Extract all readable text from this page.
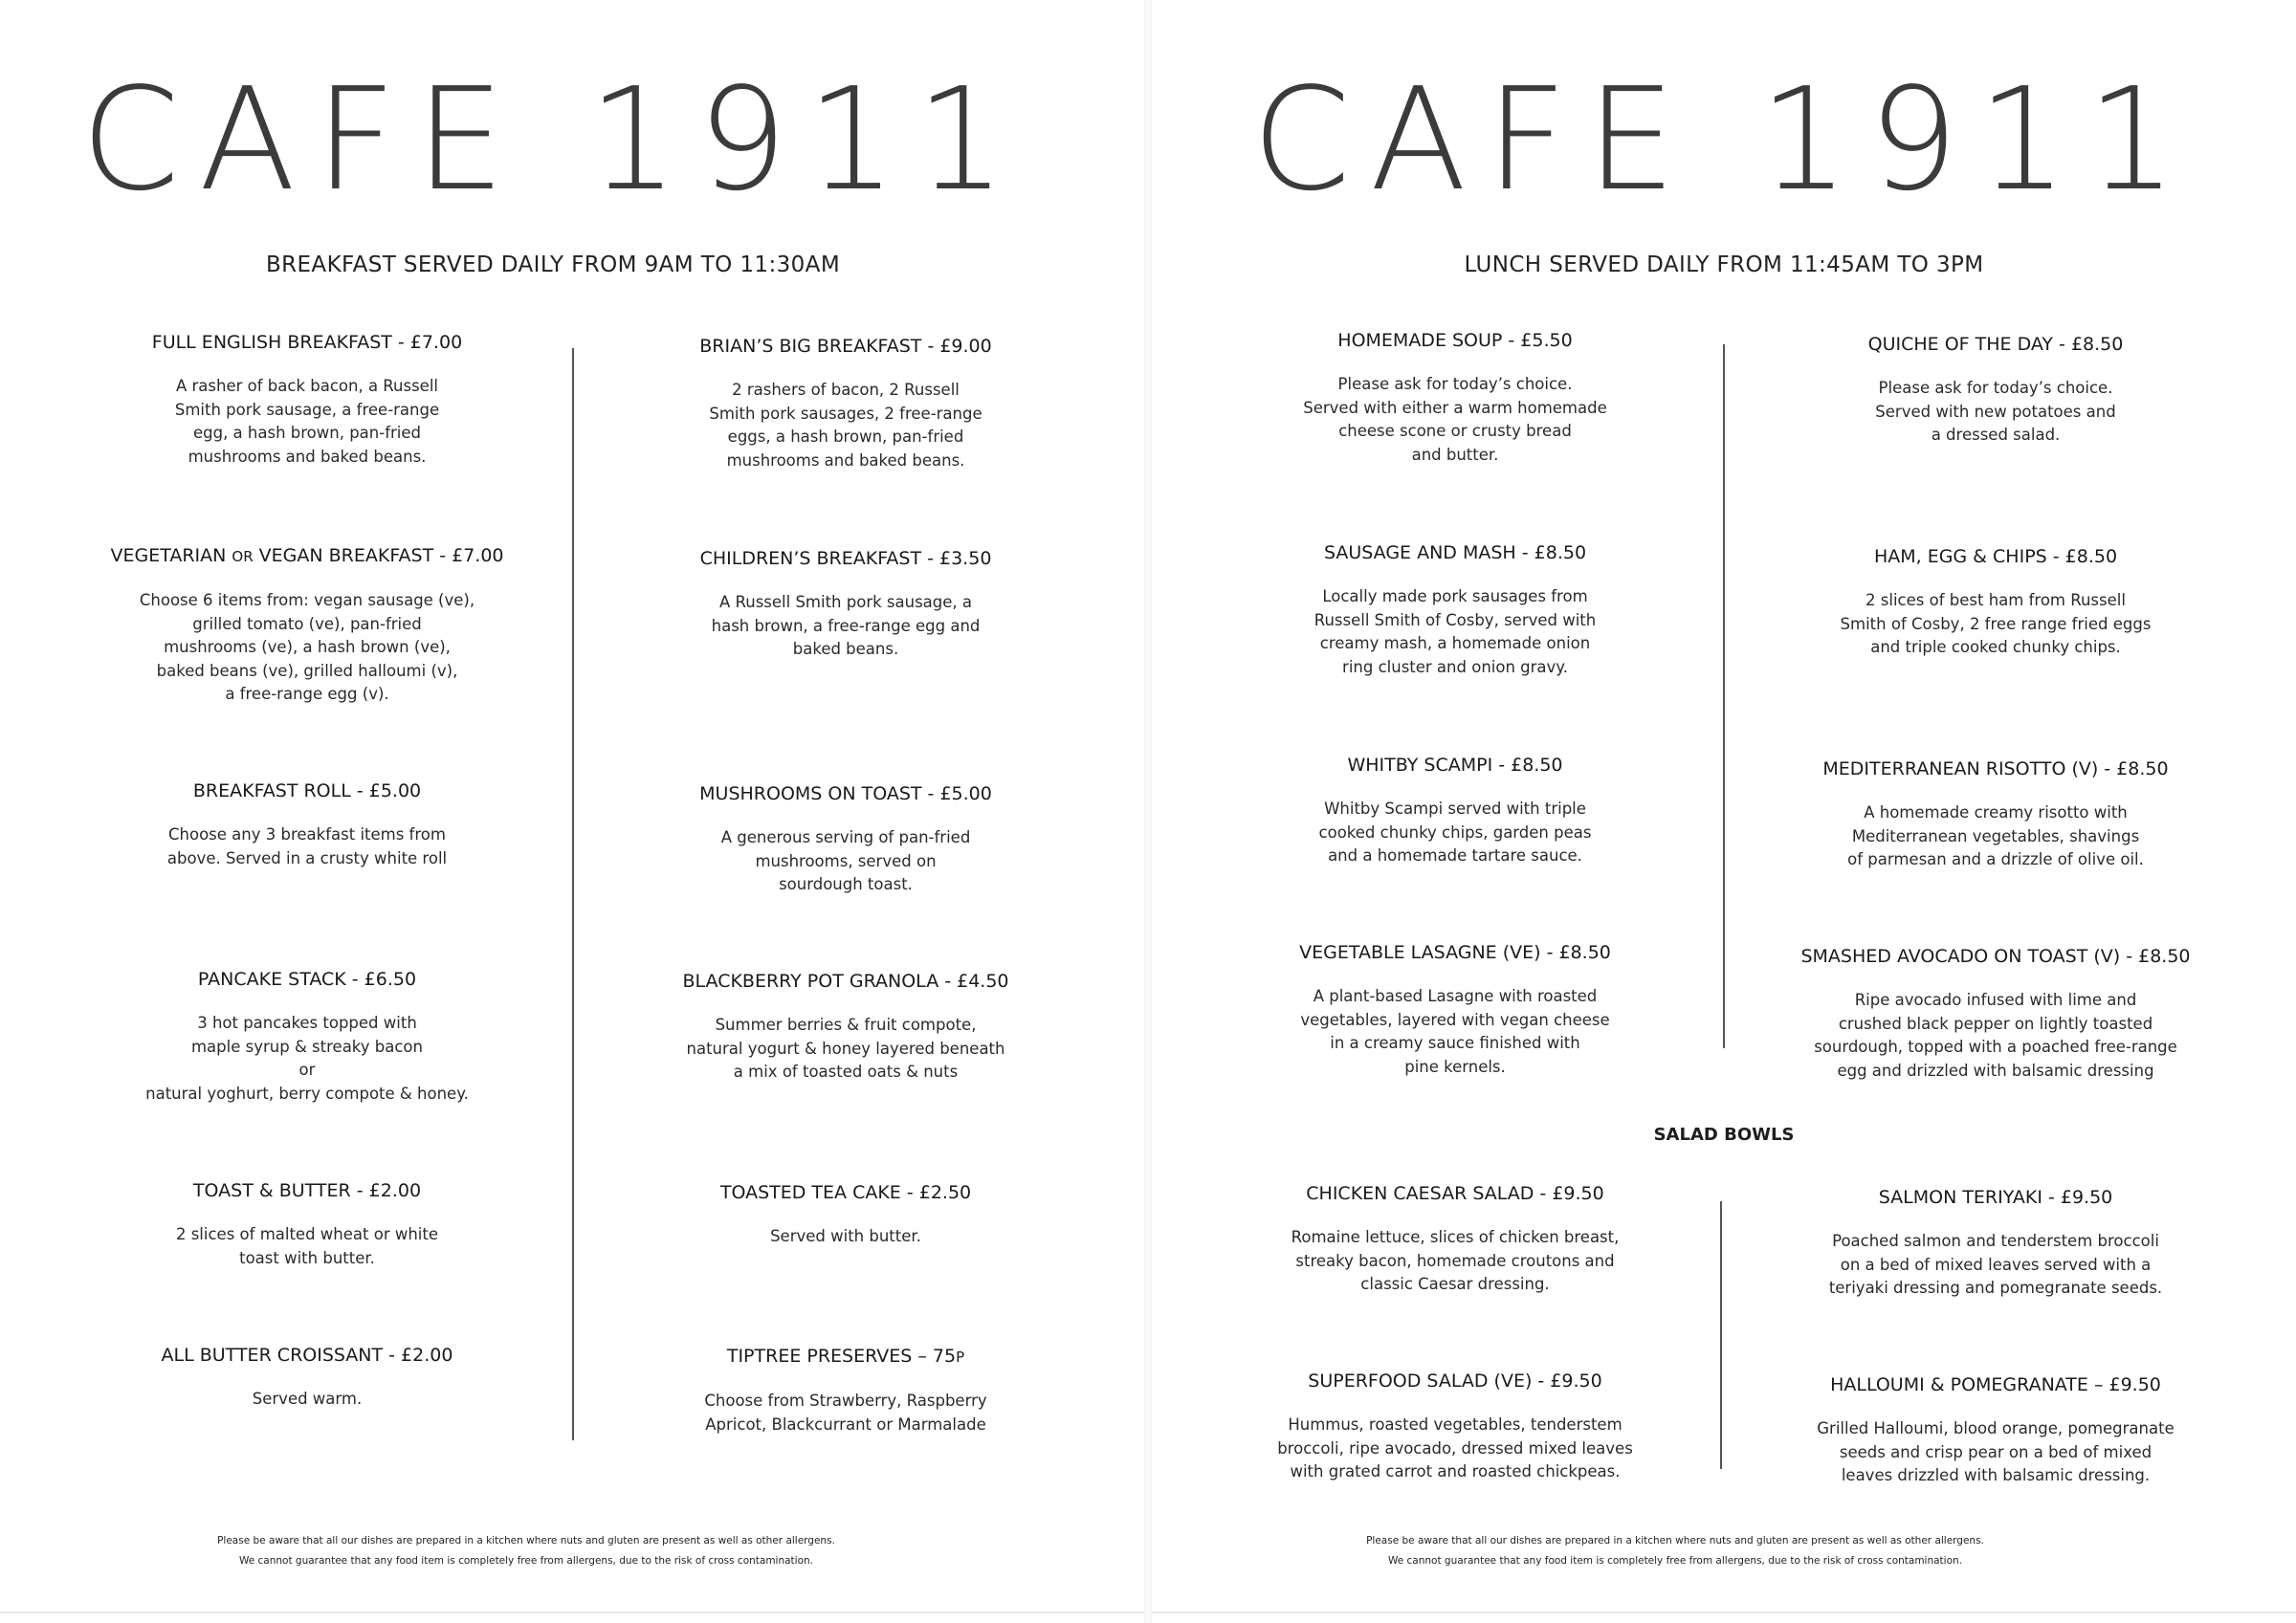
CAFE 1911
BREAKFAST SERVED DAILY FROM 9AM TO 11:30AM
FULL ENGLISH BREAKFAST - £7.00
A rasher of back bacon, a Russell
Smith pork sausage, a free-range
egg, a hash brown, pan-fried
mushrooms and baked beans.
BRIAN’S BIG BREAKFAST - £9.00
2 rashers of bacon, 2 Russell
Smith pork sausages, 2 free-range
eggs, a hash brown, pan-fried
mushrooms and baked beans.
VEGETARIAN OR VEGAN BREAKFAST - £7.00
Choose 6 items from: vegan sausage (ve),
grilled tomato (ve), pan-fried
mushrooms (ve), a hash brown (ve),
baked beans (ve), grilled halloumi (v),
a free-range egg (v).
CHILDREN’S BREAKFAST - £3.50
A Russell Smith pork sausage, a
hash brown, a free-range egg and
baked beans.
BREAKFAST ROLL - £5.00
Choose any 3 breakfast items from
above. Served in a crusty white roll
MUSHROOMS ON TOAST - £5.00
A generous serving of pan-fried
mushrooms, served on
sourdough toast.
PANCAKE STACK - £6.50
3 hot pancakes topped with
maple syrup & streaky bacon
or
natural yoghurt, berry compote & honey.
BLACKBERRY POT GRANOLA - £4.50
Summer berries & fruit compote,
natural yogurt & honey layered beneath
a mix of toasted oats & nuts
TOAST & BUTTER - £2.00
2 slices of malted wheat or white
toast with butter.
TOASTED TEA CAKE - £2.50
Served with butter.
ALL BUTTER CROISSANT - £2.00
Served warm.
TIPTREE PRESERVES – 75P
Choose from Strawberry, Raspberry
Apricot, Blackcurrant or Marmalade
Please be aware that all our dishes are prepared in a kitchen where nuts and gluten are present as well as other allergens.
We cannot guarantee that any food item is completely free from allergens, due to the risk of cross contamination.
CAFE 1911
LUNCH SERVED DAILY FROM 11:45AM TO 3PM
HOMEMADE SOUP - £5.50
Please ask for today’s choice.
Served with either a warm homemade
cheese scone or crusty bread
and butter.
QUICHE OF THE DAY - £8.50
Please ask for today’s choice.
Served with new potatoes and
a dressed salad.
SAUSAGE AND MASH - £8.50
Locally made pork sausages from
Russell Smith of Cosby, served with
creamy mash, a homemade onion
ring cluster and onion gravy.
HAM, EGG & CHIPS - £8.50
2 slices of best ham from Russell
Smith of Cosby, 2 free range fried eggs
and triple cooked chunky chips.
WHITBY SCAMPI - £8.50
Whitby Scampi served with triple
cooked chunky chips, garden peas
and a homemade tartare sauce.
MEDITERRANEAN RISOTTO (V) - £8.50
A homemade creamy risotto with
Mediterranean vegetables, shavings
of parmesan and a drizzle of olive oil.
VEGETABLE LASAGNE (VE) - £8.50
A plant-based Lasagne with roasted
vegetables, layered with vegan cheese
in a creamy sauce finished with
pine kernels.
SMASHED AVOCADO ON TOAST (V) - £8.50
Ripe avocado infused with lime and
crushed black pepper on lightly toasted
sourdough, topped with a poached free-range
egg and drizzled with balsamic dressing
SALAD BOWLS
CHICKEN CAESAR SALAD - £9.50
Romaine lettuce, slices of chicken breast,
streaky bacon, homemade croutons and
classic Caesar dressing.
SALMON TERIYAKI - £9.50
Poached salmon and tenderstem broccoli
on a bed of mixed leaves served with a
teriyaki dressing and pomegranate seeds.
SUPERFOOD SALAD (VE) - £9.50
Hummus, roasted vegetables, tenderstem
broccoli, ripe avocado, dressed mixed leaves
with grated carrot and roasted chickpeas.
HALLOUMI & POMEGRANATE – £9.50
Grilled Halloumi, blood orange, pomegranate
seeds and crisp pear on a bed of mixed
leaves drizzled with balsamic dressing.
Please be aware that all our dishes are prepared in a kitchen where nuts and gluten are present as well as other allergens.
We cannot guarantee that any food item is completely free from allergens, due to the risk of cross contamination.
